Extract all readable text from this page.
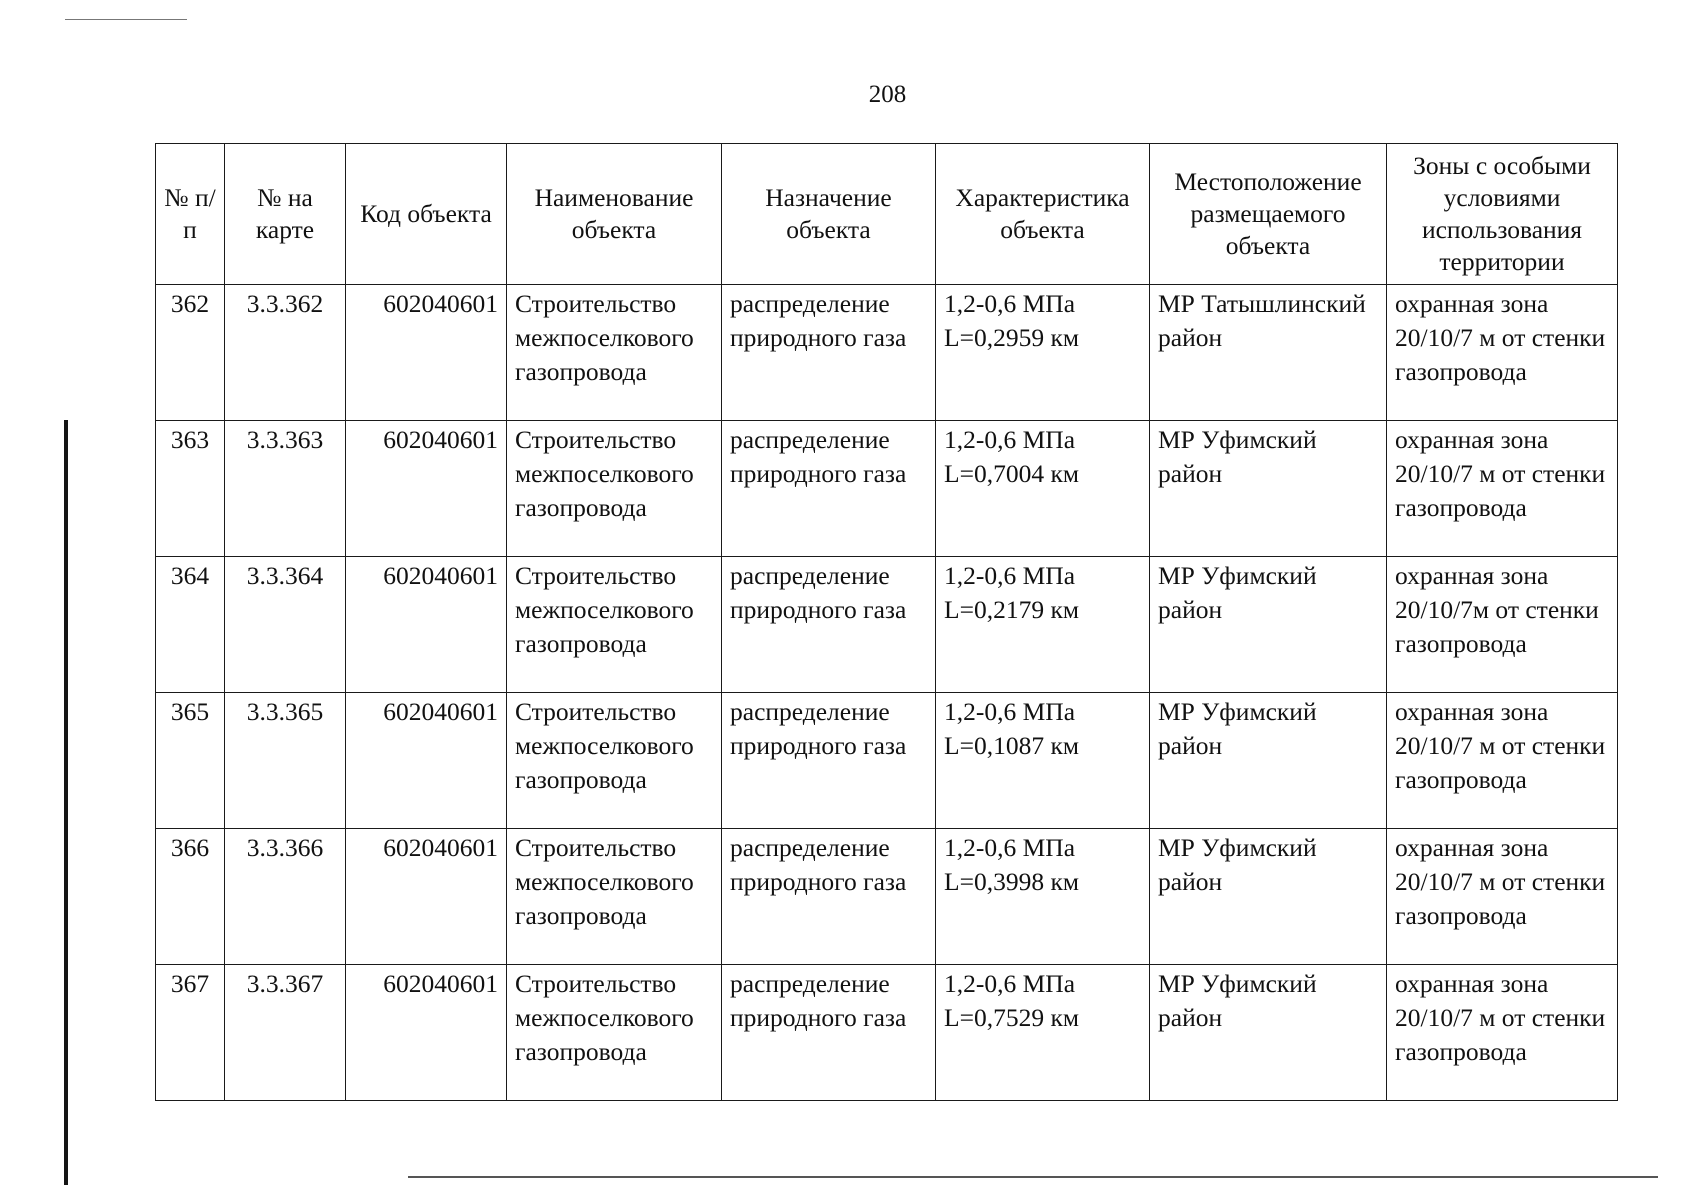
208
№ п/п	№ на карте	Код объекта	Наименование объекта	Назначение объекта	Характеристика объекта	Местоположение размещаемого объекта	Зоны с особыми условиями использования территории
362	3.3.362	602040601	Строительство межпоселкового газопровода	распределение природного газа	1,2-0,6 МПа L=0,2959 км	МР Татышлинский район	охранная зона 20/10/7 м от стенки газопровода
363	3.3.363	602040601	Строительство межпоселкового газопровода	распределение природного газа	1,2-0,6 МПа L=0,7004 км	МР Уфимский район	охранная зона 20/10/7 м от стенки газопровода
364	3.3.364	602040601	Строительство межпоселкового газопровода	распределение природного газа	1,2-0,6 МПа L=0,2179 км	МР Уфимский район	охранная зона 20/10/7м от стенки газопровода
365	3.3.365	602040601	Строительство межпоселкового газопровода	распределение природного газа	1,2-0,6 МПа L=0,1087 км	МР Уфимский район	охранная зона 20/10/7 м от стенки газопровода
366	3.3.366	602040601	Строительство межпоселкового газопровода	распределение природного газа	1,2-0,6 МПа L=0,3998 км	МР Уфимский район	охранная зона 20/10/7 м от стенки газопровода
367	3.3.367	602040601	Строительство межпоселкового газопровода	распределение природного газа	1,2-0,6 МПа L=0,7529 км	МР Уфимский район	охранная зона 20/10/7 м от стенки газопровода
